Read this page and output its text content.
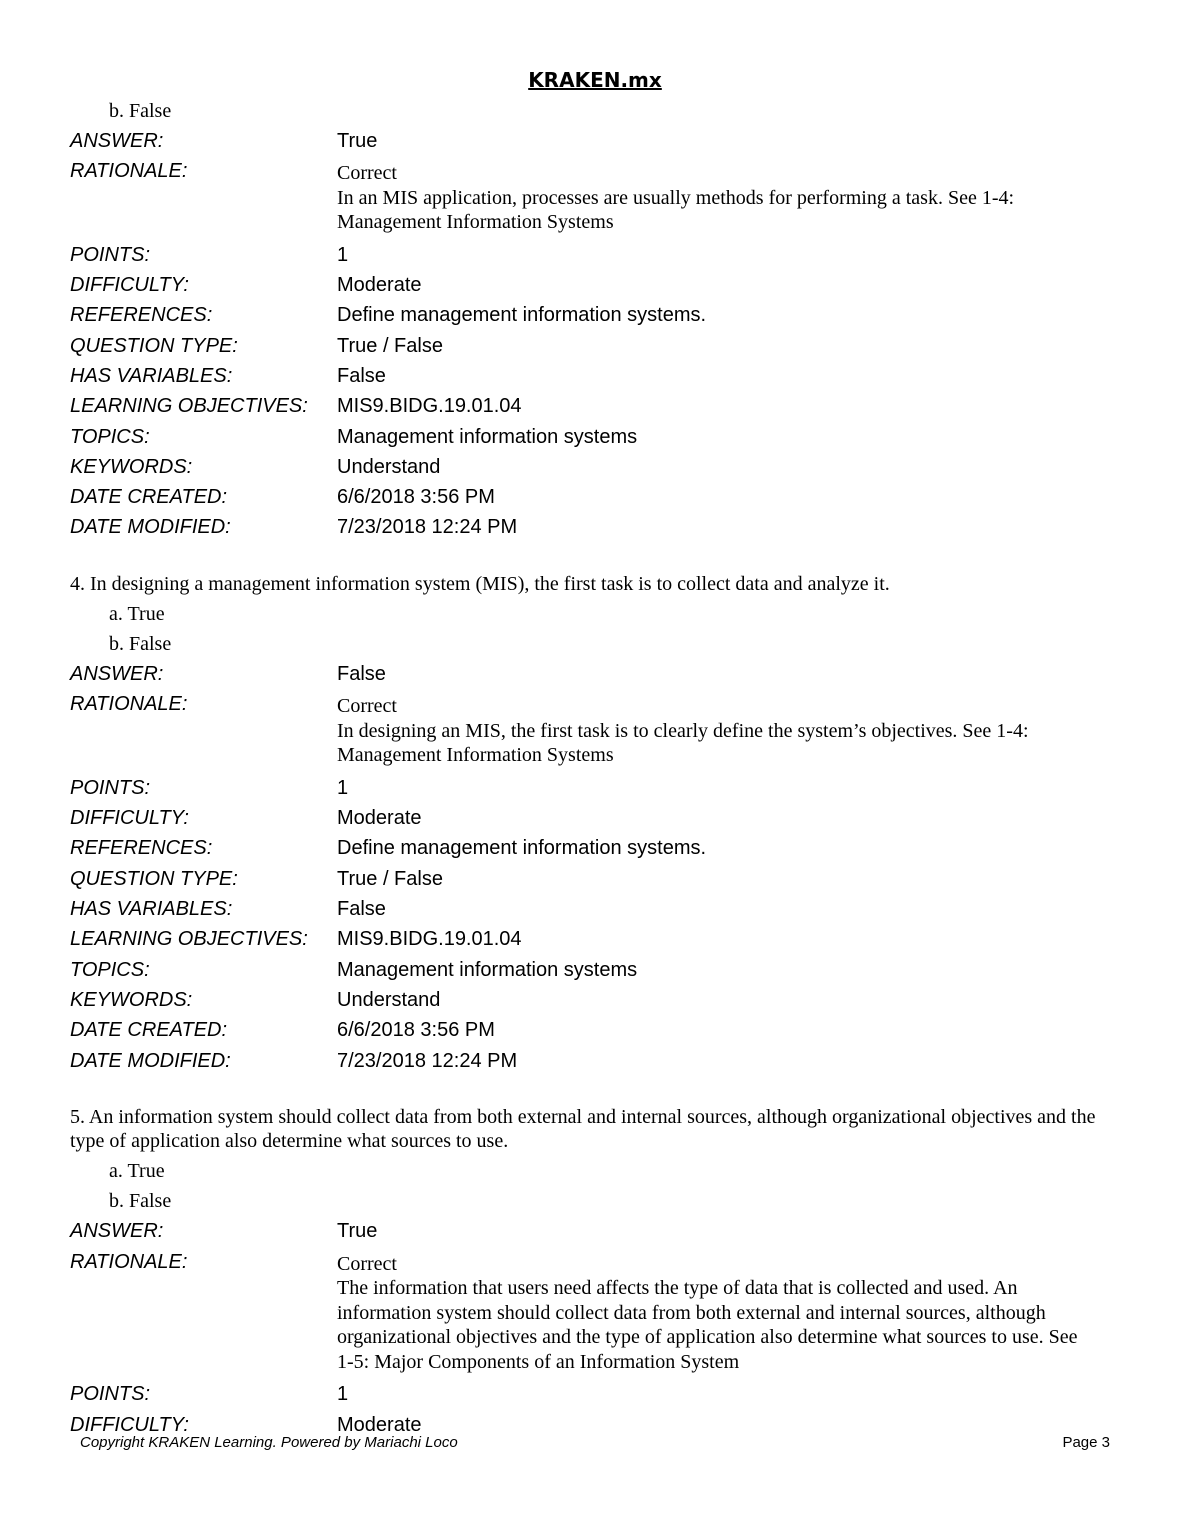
KRAKEN.mx
b. False
ANSWER:	True
RATIONALE:	Correct
In an MIS application, processes are usually methods for performing a task. See 1-4: Management Information Systems
POINTS:	1
DIFFICULTY:	Moderate
REFERENCES:	Define management information systems.
QUESTION TYPE:	True / False
HAS VARIABLES:	False
LEARNING OBJECTIVES:	MIS9.BIDG.19.01.04
TOPICS:	Management information systems
KEYWORDS:	Understand
DATE CREATED:	6/6/2018 3:56 PM
DATE MODIFIED:	7/23/2018 12:24 PM
4. In designing a management information system (MIS), the first task is to collect data and analyze it.
a. True
b. False
ANSWER:	False
RATIONALE:	Correct
In designing an MIS, the first task is to clearly define the system’s objectives. See 1-4: Management Information Systems
POINTS:	1
DIFFICULTY:	Moderate
REFERENCES:	Define management information systems.
QUESTION TYPE:	True / False
HAS VARIABLES:	False
LEARNING OBJECTIVES:	MIS9.BIDG.19.01.04
TOPICS:	Management information systems
KEYWORDS:	Understand
DATE CREATED:	6/6/2018 3:56 PM
DATE MODIFIED:	7/23/2018 12:24 PM
5. An information system should collect data from both external and internal sources, although organizational objectives and the type of application also determine what sources to use.
a. True
b. False
ANSWER:	True
RATIONALE:	Correct
The information that users need affects the type of data that is collected and used. An information system should collect data from both external and internal sources, although organizational objectives and the type of application also determine what sources to use. See 1-5: Major Components of an Information System
POINTS:	1
DIFFICULTY:	Moderate
Copyright KRAKEN Learning. Powered by Mariachi Loco	Page 3
